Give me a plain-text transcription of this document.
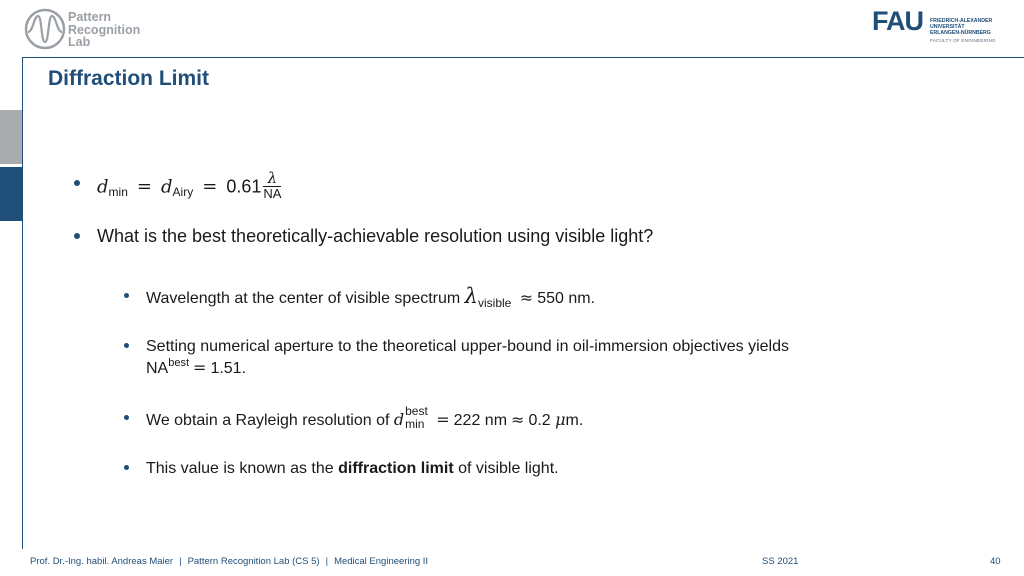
Pattern
Recognition
Lab
FAU FRIEDRICH-ALEXANDER
UNIVERSITÄT
ERLANGEN-NÜRNBERG
FACULTY OF ENGINEERING
Diffraction Limit
$d_{min} = d_{Airy} = 0.61 \frac{\lambda}{NA}$
What is the best theoretically-achievable resolution using visible light?
Wavelength at the center of visible spectrum $\lambda_{visible} \approx 550$ nm.
Setting numerical aperture to the theoretical upper-bound in oil-immersion objectives yields
$NA^{best} = 1.51$.
We obtain a Rayleigh resolution of d best
min = 222 nm ≈ 0.2 μm.
This value is known as the diffraction limit of visible light.
Prof. Dr.-Ing. habil. Andreas Maier | Pattern Recognition Lab (CS 5) | Medical Engineering II	SS 2021	40
